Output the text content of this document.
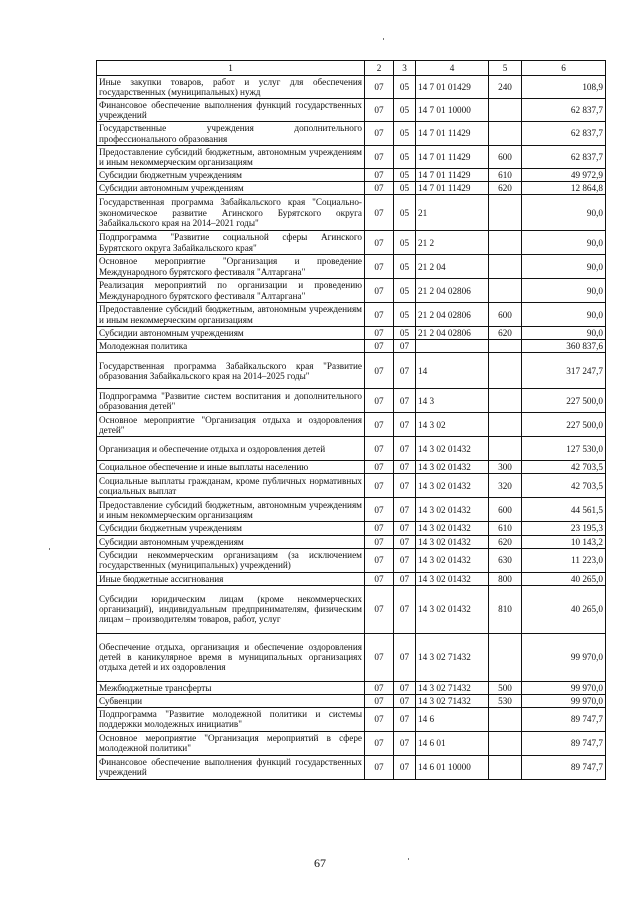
1	2	3	4	5	6
Иные закупки товаров, работ и услуг для обеспечения государственных (муниципальных) нужд	07	05	14 7 01 01429	240	108,9
Финансовое обеспечение выполнения функций государственных учреждений	07	05	14 7 01 10000		62 837,7
Государственные учреждения дополнительного профессионального образования	07	05	14 7 01 11429		62 837,7
Предоставление субсидий бюджетным, автономным учреждениям и иным некоммерческим организациям	07	05	14 7 01 11429	600	62 837,7
Субсидии бюджетным учреждениям	07	05	14 7 01 11429	610	49 972,9
Субсидии автономным учреждениям	07	05	14 7 01 11429	620	12 864,8
Государственная программа Забайкальского края "Социально-экономическое развитие Агинского Бурятского округа Забайкальского края на 2014–2021 годы"	07	05	21		90,0
Подпрограмма "Развитие социальной сферы Агинского Бурятского округа Забайкальского края"	07	05	21 2		90,0
Основное мероприятие "Организация и проведение Международного бурятского фестиваля "Алтаргана"	07	05	21 2 04		90,0
Реализация мероприятий по организации и проведению Международного бурятского фестиваля "Алтаргана"	07	05	21 2 04 02806		90,0
Предоставление субсидий бюджетным, автономным учреждениям и иным некоммерческим организациям	07	05	21 2 04 02806	600	90,0
Субсидии автономным учреждениям	07	05	21 2 04 02806	620	90,0
Молодежная политика	07	07			360 837,6
Государственная программа Забайкальского края "Развитие образования Забайкальского края на 2014–2025 годы"	07	07	14		317 247,7
Подпрограмма "Развитие систем воспитания и дополнительного образования детей"	07	07	14 3		227 500,0
Основное мероприятие "Организация отдыха и оздоровления детей"	07	07	14 3 02		227 500,0
Организация и обеспечение отдыха и оздоровления детей	07	07	14 3 02 01432		127 530,0
Социальное обеспечение и иные выплаты населению	07	07	14 3 02 01432	300	42 703,5
Социальные выплаты гражданам, кроме публичных нормативных социальных выплат	07	07	14 3 02 01432	320	42 703,5
Предоставление субсидий бюджетным, автономным учреждениям и иным некоммерческим организациям	07	07	14 3 02 01432	600	44 561,5
Субсидии бюджетным учреждениям	07	07	14 3 02 01432	610	23 195,3
Субсидии автономным учреждениям	07	07	14 3 02 01432	620	10 143,2
Субсидии некоммерческим организациям (за исключением государственных (муниципальных) учреждений)	07	07	14 3 02 01432	630	11 223,0
Иные бюджетные ассигнования	07	07	14 3 02 01432	800	40 265,0
Субсидии юридическим лицам (кроме некоммерческих организаций), индивидуальным предпринимателям, физическим лицам – производителям товаров, работ, услуг	07	07	14 3 02 01432	810	40 265,0
Обеспечение отдыха, организация и обеспечение оздоровления детей в каникулярное время в муниципальных организациях отдыха детей и их оздоровления	07	07	14 3 02 71432		99 970,0
Межбюджетные трансферты	07	07	14 3 02 71432	500	99 970,0
Субвенции	07	07	14 3 02 71432	530	99 970,0
Подпрограмма "Развитие молодежной политики и системы поддержки молодежных инициатив"	07	07	14 6		89 747,7
Основное мероприятие "Организация мероприятий в сфере молодежной политики"	07	07	14 6 01		89 747,7
Финансовое обеспечение выполнения функций государственных учреждений	07	07	14 6 01 10000		89 747,7
67
